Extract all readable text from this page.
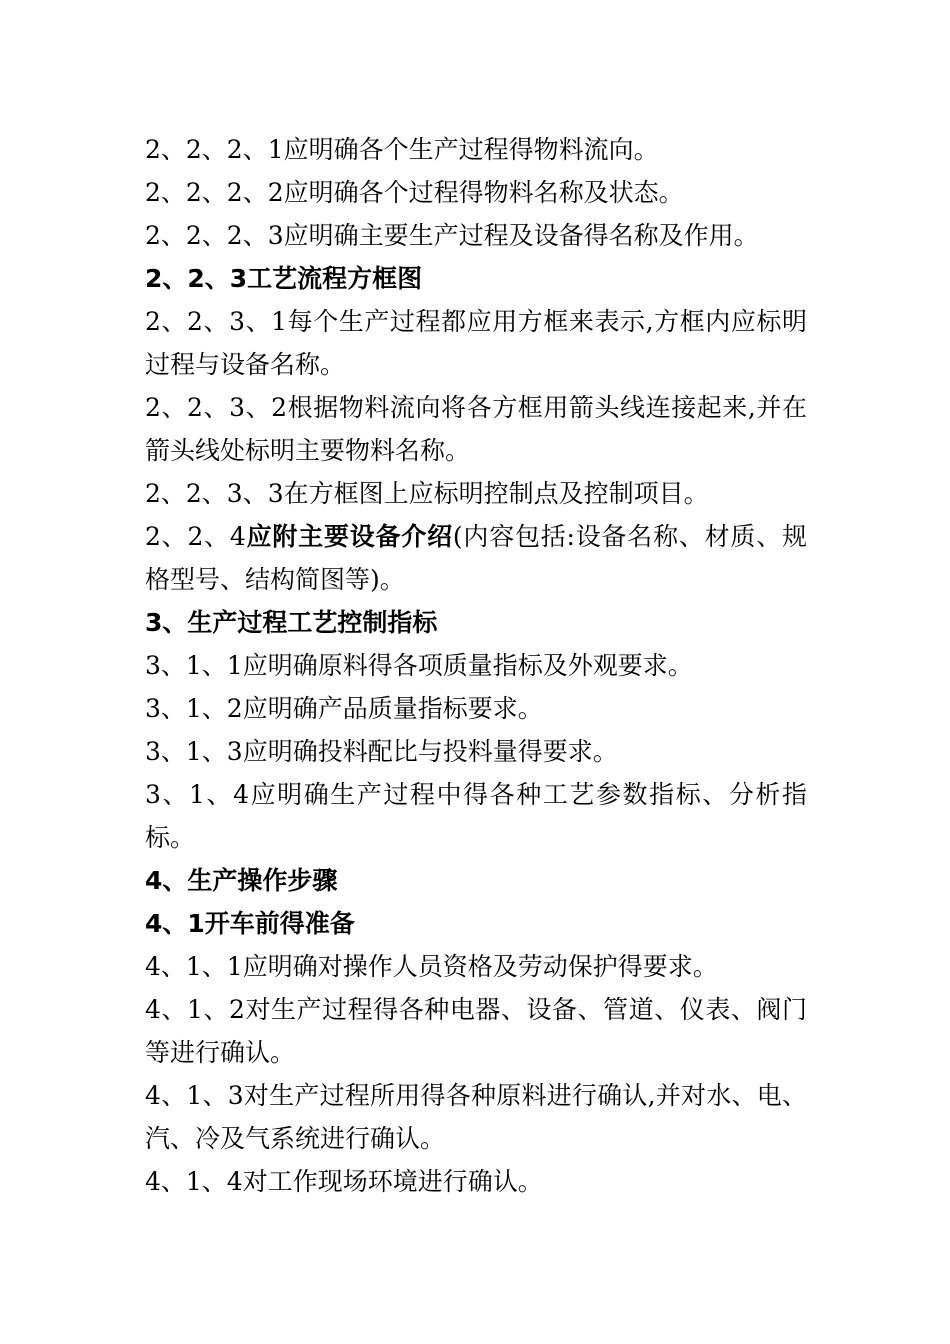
2、2、2、1应明确各个生产过程得物料流向。

2、2、2、2应明确各个过程得物料名称及状态。

2、2、2、3应明确主要生产过程及设备得名称及作用。

2、2、3工艺流程方框图

2、2、3、1每个生产过程都应用方框来表示,方框内应标明过程与设备名称。

2、2、3、2根据物料流向将各方框用箭头线连接起来,并在箭头线处标明主要物料名称。

2、2、3、3在方框图上应标明控制点及控制项目。

2、2、4应附主要设备介绍(内容包括:设备名称、材质、规格型号、结构简图等)。

3、生产过程工艺控制指标

3、1、1应明确原料得各项质量指标及外观要求。

3、1、2应明确产品质量指标要求。

3、1、3应明确投料配比与投料量得要求。

3、1、4应明确生产过程中得各种工艺参数指标、分析指标。

4、生产操作步骤

4、1开车前得准备

4、1、1应明确对操作人员资格及劳动保护得要求。

4、1、2对生产过程得各种电器、设备、管道、仪表、阀门等进行确认。

4、1、3对生产过程所用得各种原料进行确认,并对水、电、汽、冷及气系统进行确认。

4、1、4对工作现场环境进行确认。
